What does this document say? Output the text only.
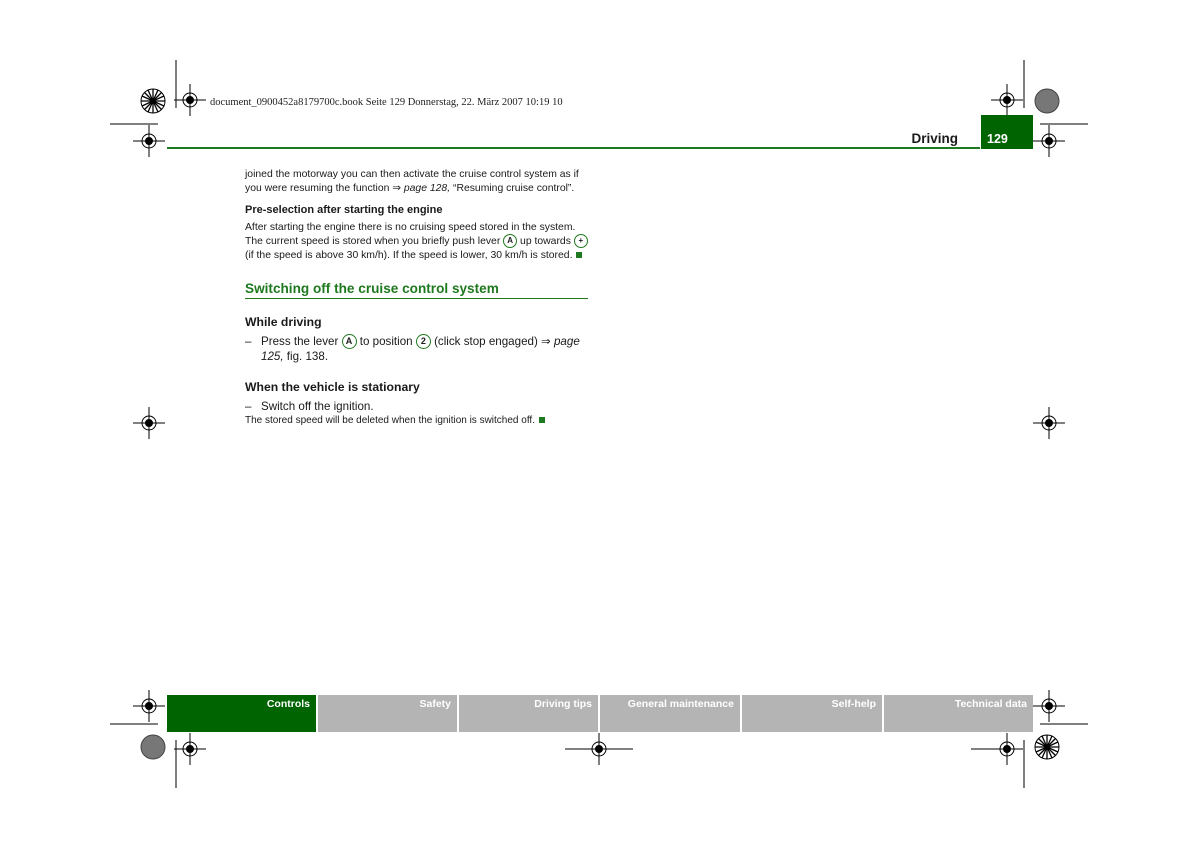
document_0900452a8179700c.book Seite 129 Donnerstag, 22. März 2007 10:19 10
Driving 129

joined the motorway you can then activate the cruise control system as if you were resuming the function ⇒ page 128, “Resuming cruise control”.

Pre-selection after starting the engine

After starting the engine there is no cruising speed stored in the system. The current speed is stored when you briefly push lever A up towards + (if the speed is above 30 km/h). If the speed is lower, 30 km/h is stored.

Switching off the cruise control system
While driving
– Press the lever A to position 2 (click stop engaged) ⇒ page 125, fig. 138.
When the vehicle is stationary
– Switch off the ignition.

The stored speed will be deleted when the ignition is switched off.

Controls	Safety	Driving tips	General maintenance	Self-help	Technical data
